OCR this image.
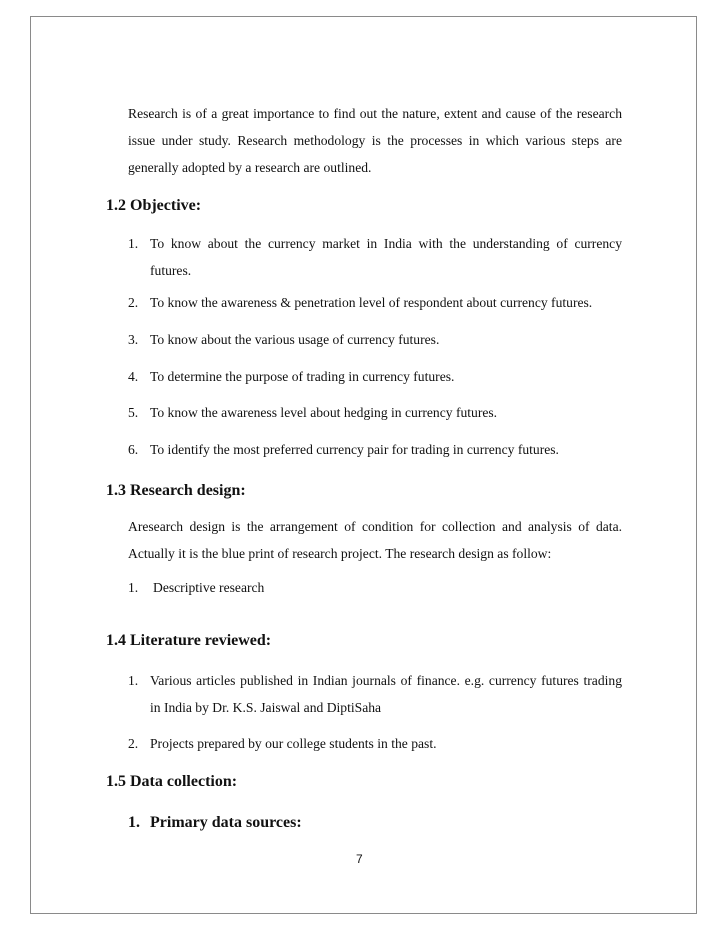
Research is of a great importance to find out the nature, extent and cause of the research issue under study. Research methodology is the processes in which various steps are generally adopted by a research are outlined.

1.2 Objective:
1. To know about the currency market in India with the understanding of currency futures.
2. To know the awareness & penetration level of respondent about currency futures.
3. To know about the various usage of currency futures.
4. To determine the purpose of trading in currency futures.
5. To know the awareness level about hedging in currency futures.
6. To identify the most preferred currency pair for trading in currency futures.
1.3 Research design:

Aresearch design is the arrangement of condition for collection and analysis of data. Actually it is the blue print of research project. The research design as follow:

1. Descriptive research
1.4 Literature reviewed:
1. Various articles published in Indian journals of finance. e.g. currency futures trading in India by Dr. K.S. Jaiswal and DiptiSaha
2. Projects prepared by our college students in the past.
1.5 Data collection:
1. Primary data sources:
7
